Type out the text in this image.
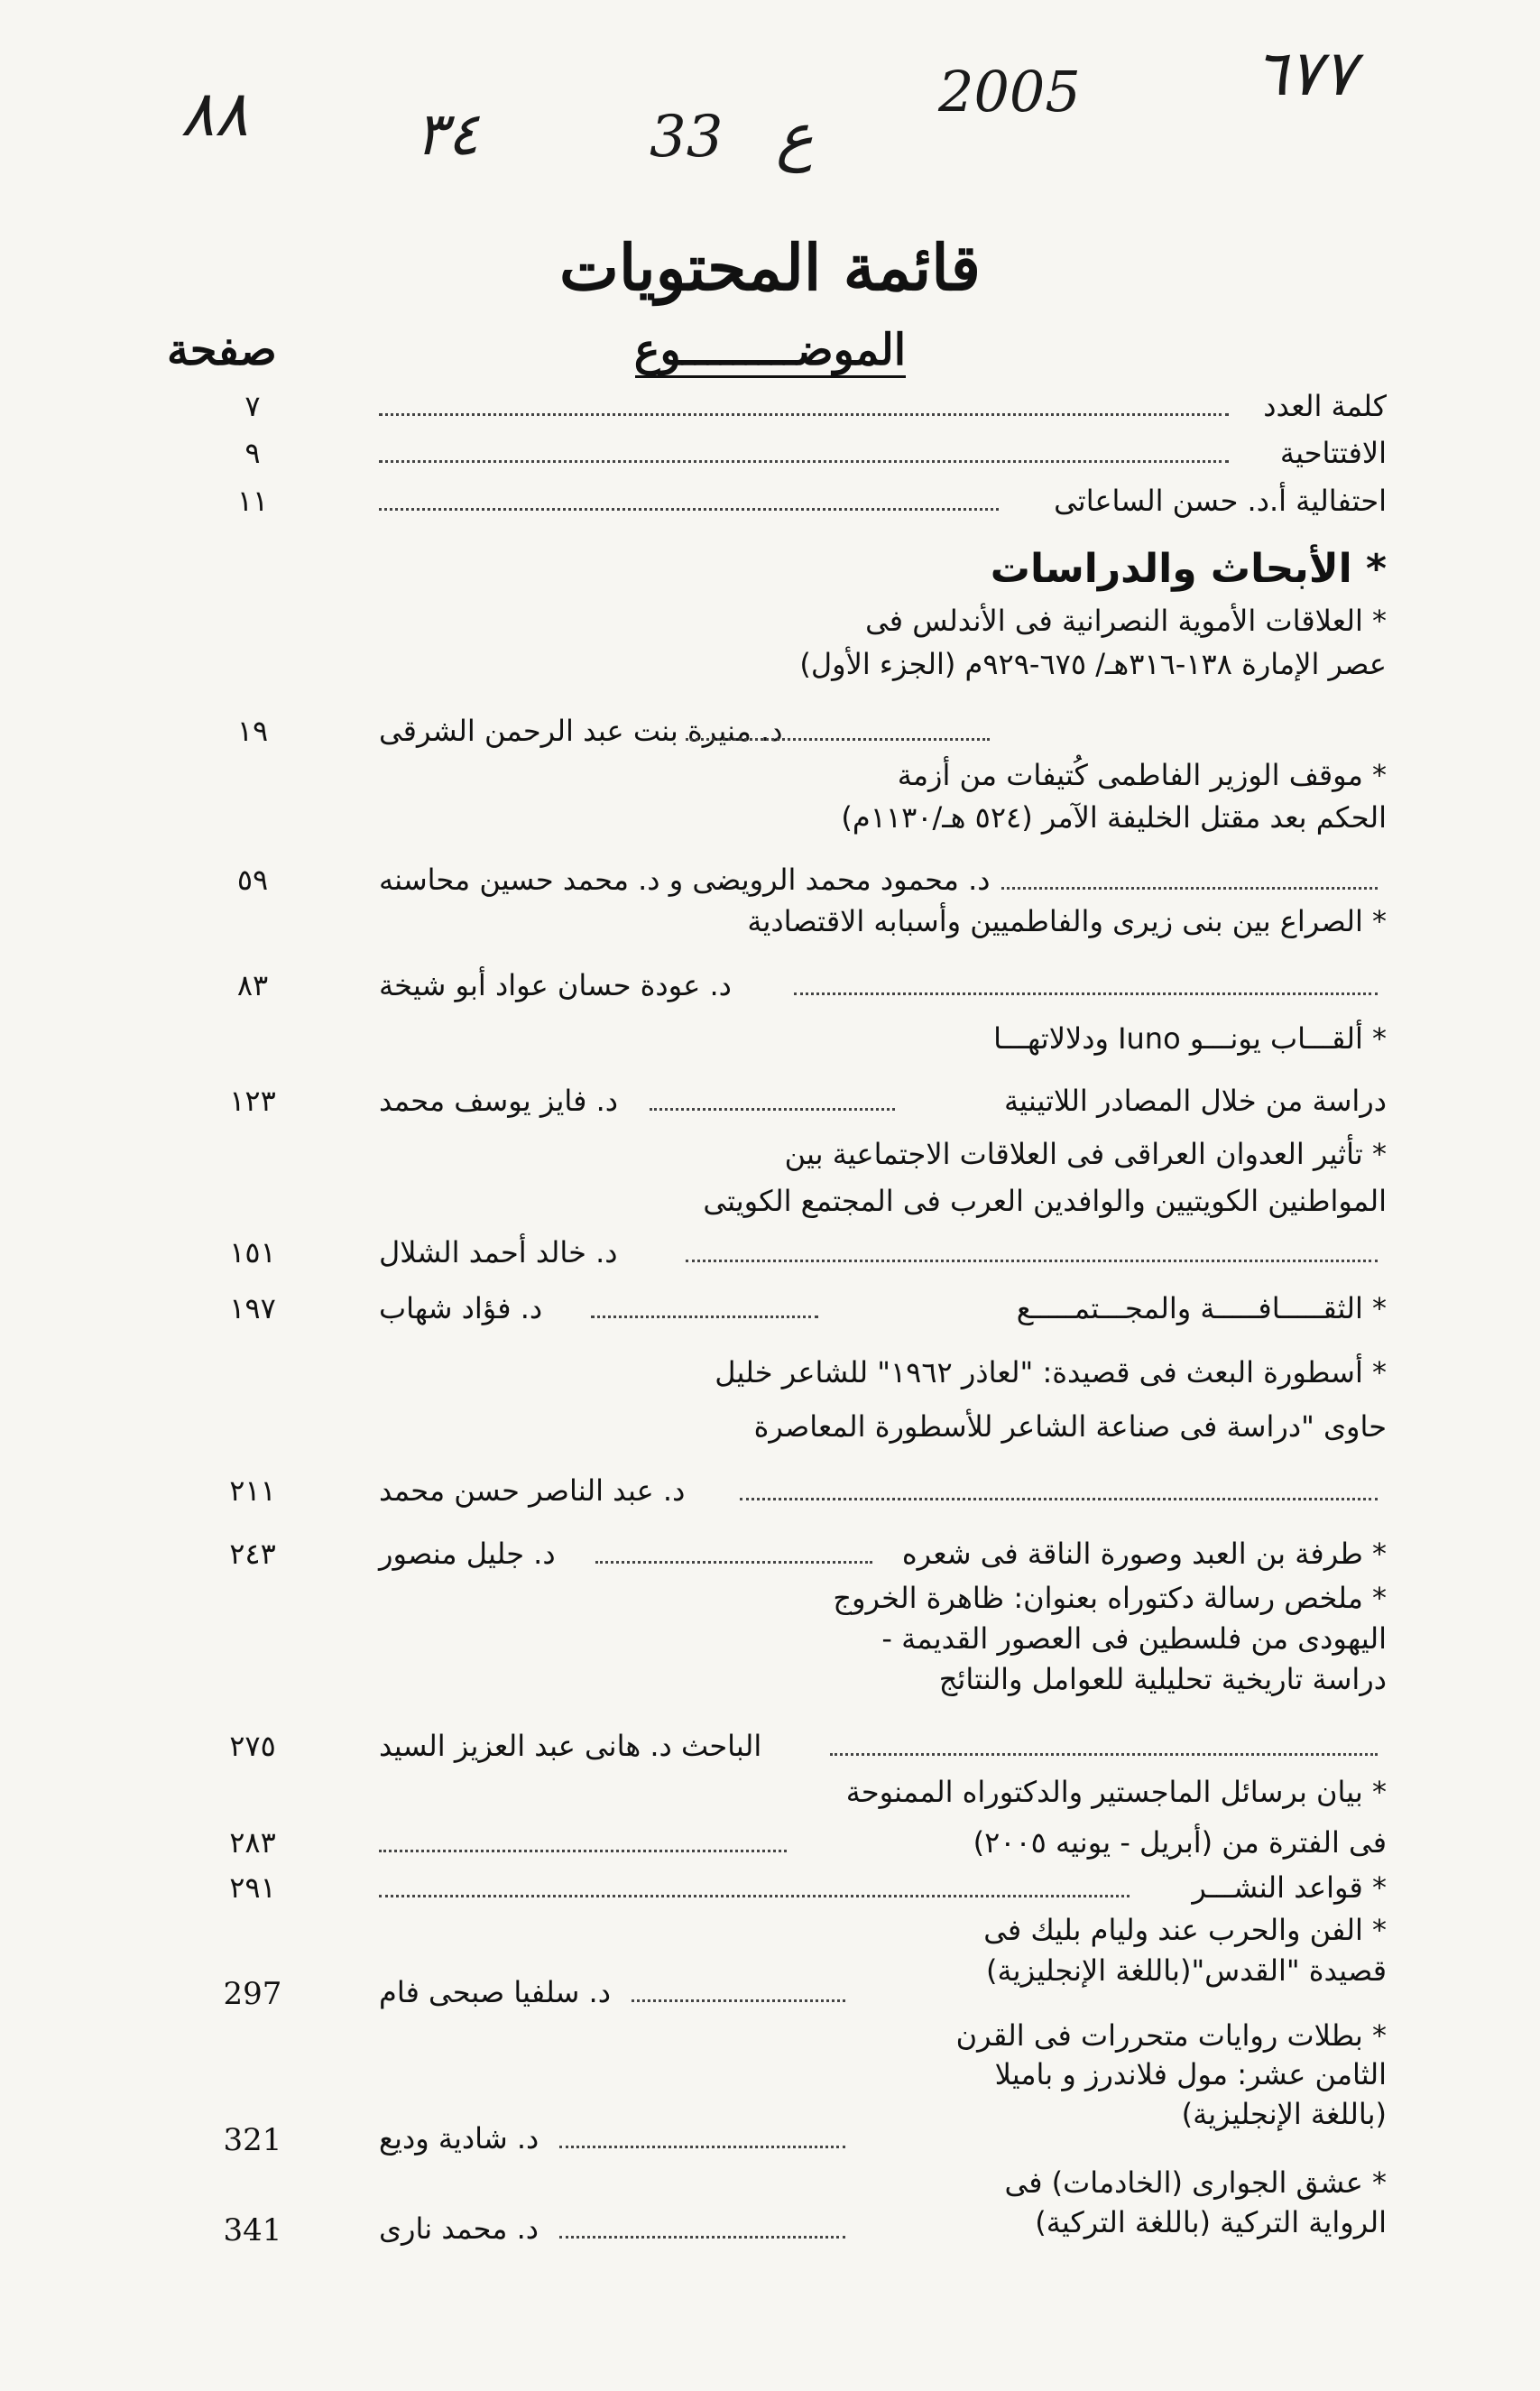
٨٨	٣٤	33 ع
2005	٦٧٧
قائمة المحتويات
صفحة	الموضـــــــــوع
كلمة العدد
٧
الافتتاحية
٩
احتفالية أ.د. حسن الساعاتى
١١
* الأبحاث والدراسات
* العلاقات الأموية النصرانية فى الأندلس فى
عصر الإمارة ١٣٨-٣١٦هـ/ ٦٧٥-٩٢٩م (الجزء الأول)
د. منيرة بنت عبد الرحمن الشرقى
١٩
* موقف الوزير الفاطمى كُتيفات من أزمة
الحكم بعد مقتل الخليفة الآمر (٥٢٤ هـ/١١٣٠م)
د. محمود محمد الرويضى و د. محمد حسين محاسنه
٥٩
* الصراع بين بنى زيرى والفاطميين وأسبابه الاقتصادية
د. عودة حسان عواد أبو شيخة
٨٣
* ألقـــاب يونـــو Iuno ودلالاتهـــا
دراسة من خلال المصادر اللاتينية
د. فايز يوسف محمد
١٢٣
* تأثير العدوان العراقى فى العلاقات الاجتماعية بين
المواطنين الكويتيين والوافدين العرب فى المجتمع الكويتى
د. خالد أحمد الشلال
١٥١
* الثقـــــافـــــة والمجـــتمـــــع
د. فؤاد شهاب
١٩٧
* أسطورة البعث فى قصيدة: "لعاذر ١٩٦٢" للشاعر خليل
حاوى "دراسة فى صناعة الشاعر للأسطورة المعاصرة
د. عبد الناصر حسن محمد
٢١١
* طرفة بن العبد وصورة الناقة فى شعره
د. جليل منصور
٢٤٣
* ملخص رسالة دكتوراه بعنوان: ظاهرة الخروج
اليهودى من فلسطين فى العصور القديمة -
دراسة تاريخية تحليلية للعوامل والنتائج
الباحث د. هانى عبد العزيز السيد
٢٧٥
* بيان برسائل الماجستير والدكتوراه الممنوحة
فى الفترة من (أبريل - يونيه ٢٠٠٥)
٢٨٣
* قواعد النشـــر
٢٩١
* الفن والحرب عند وليام بليك فى
قصيدة "القدس"(باللغة الإنجليزية)
د. سلفيا صبحى فام
297
* بطلات روايات متحررات فى القرن
الثامن عشر: مول فلاندرز و باميلا
(باللغة الإنجليزية)
د. شادية وديع
321
* عشق الجوارى (الخادمات) فى
الرواية التركية (باللغة التركية)
د. محمد نارى
341
